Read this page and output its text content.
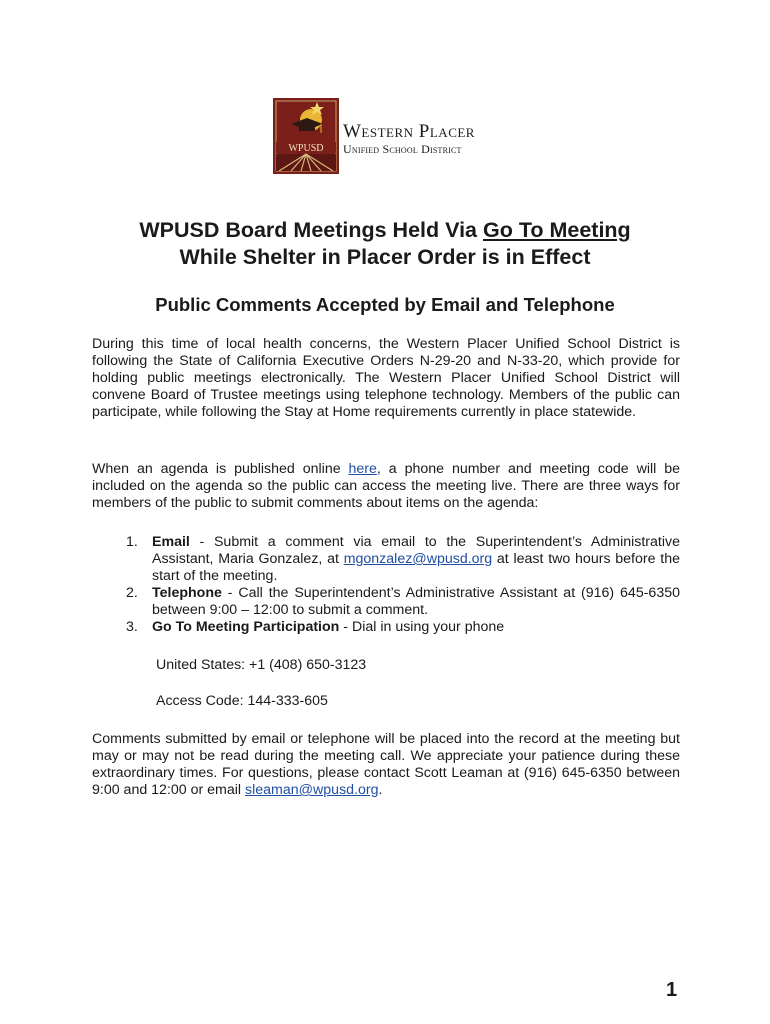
WPUSD
Western Placer
Unified School District
WPUSD Board Meetings Held Via Go To Meeting
While Shelter in Placer Order is in Effect
Public Comments Accepted by Email and Telephone
During this time of local health concerns, the Western Placer Unified School District is following the State of California Executive Orders N-29-20 and N-33-20, which provide for holding public meetings electronically. The Western Placer Unified School District will convene Board of Trustee meetings using telephone technology. Members of the public can participate, while following the Stay at Home requirements currently in place statewide.
When an agenda is published online here, a phone number and meeting code will be included on the agenda so the public can access the meeting live. There are three ways for members of the public to submit comments about items on the agenda:
1. Email - Submit a comment via email to the Superintendent’s Administrative Assistant, Maria Gonzalez, at mgonzalez@wpusd.org at least two hours before the start of the meeting.
2. Telephone - Call the Superintendent’s Administrative Assistant at (916) 645-6350 between 9:00 – 12:00 to submit a comment.
3. Go To Meeting Participation - Dial in using your phone
United States: +1 (408) 650-3123
Access Code: 144-333-605
Comments submitted by email or telephone will be placed into the record at the meeting but may or may not be read during the meeting call. We appreciate your patience during these extraordinary times. For questions, please contact Scott Leaman at (916) 645-6350 between 9:00 and 12:00 or email sleaman@wpusd.org.
1
